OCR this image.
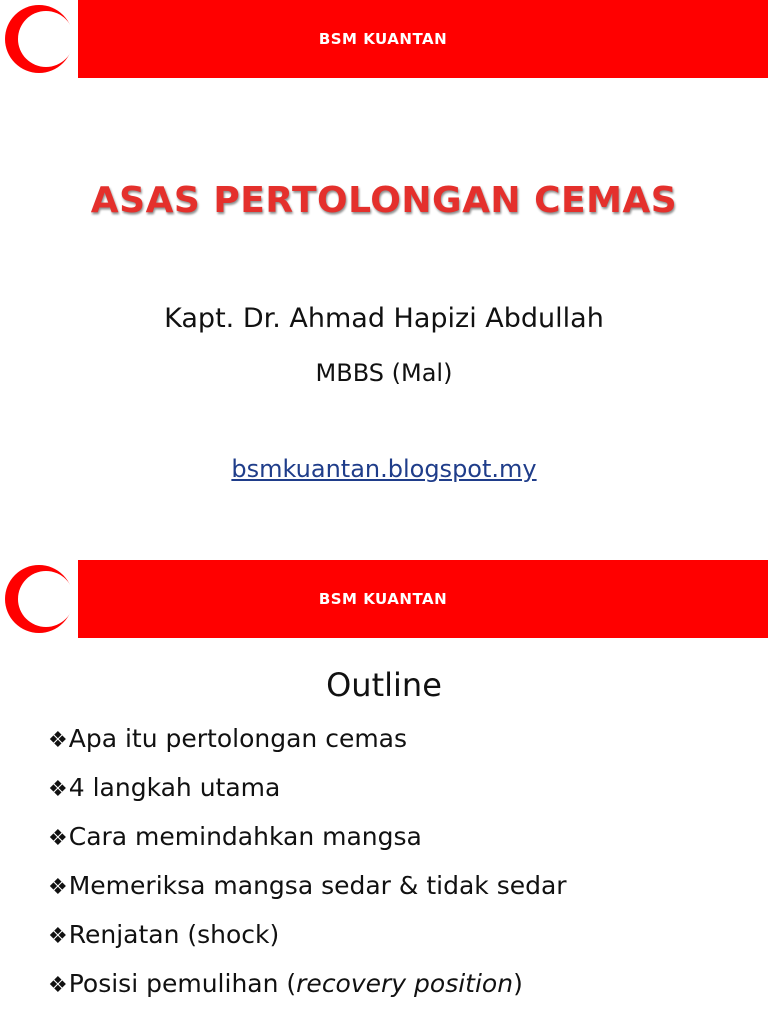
BSM KUANTAN
ASAS PERTOLONGAN CEMAS
Kapt. Dr. Ahmad Hapizi Abdullah
MBBS (Mal)
bsmkuantan.blogspot.my
BSM KUANTAN
Outline
❖Apa itu pertolongan cemas
❖4 langkah utama
❖Cara memindahkan mangsa
❖Memeriksa mangsa sedar & tidak sedar
❖Renjatan (shock)
❖Posisi pemulihan (recovery position)
